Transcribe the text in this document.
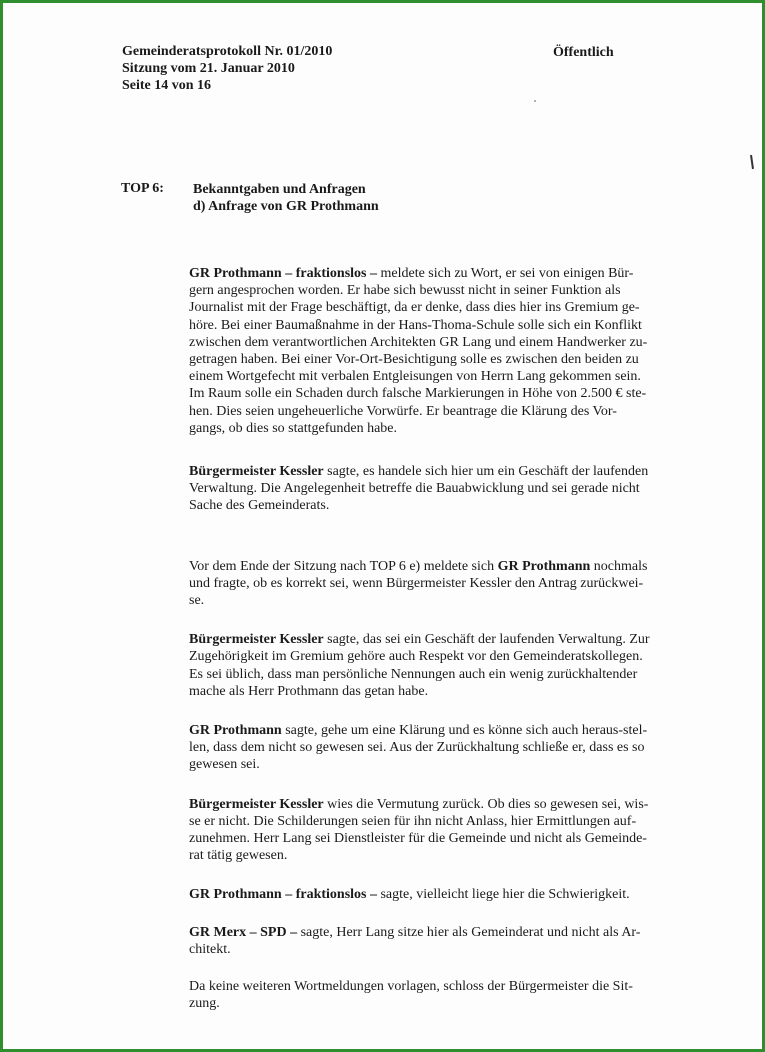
Gemeinderatsprotokoll Nr. 01/2010
Sitzung vom 21. Januar 2010
Seite 14 von 16
Öffentlich
TOP 6: Bekanntgaben und Anfragen
d) Anfrage von GR Prothmann

GR Prothmann – fraktionslos – meldete sich zu Wort, er sei von einigen Bür-
gern angesprochen worden. Er habe sich bewusst nicht in seiner Funktion als
Journalist mit der Frage beschäftigt, da er denke, dass dies hier ins Gremium ge-
höre. Bei einer Baumaßnahme in der Hans-Thoma-Schule solle sich ein Konflikt
zwischen dem verantwortlichen Architekten GR Lang und einem Handwerker zu-
getragen haben. Bei einer Vor-Ort-Besichtigung solle es zwischen den beiden zu
einem Wortgefecht mit verbalen Entgleisungen von Herrn Lang gekommen sein.
Im Raum solle ein Schaden durch falsche Markierungen in Höhe von 2.500 € ste-
hen. Dies seien ungeheuerliche Vorwürfe. Er beantrage die Klärung des Vor-
gangs, ob dies so stattgefunden habe.

Bürgermeister Kessler sagte, es handele sich hier um ein Geschäft der laufenden
Verwaltung. Die Angelegenheit betreffe die Bauabwicklung und sei gerade nicht
Sache des Gemeinderats.

Vor dem Ende der Sitzung nach TOP 6 e) meldete sich GR Prothmann nochmals
und fragte, ob es korrekt sei, wenn Bürgermeister Kessler den Antrag zurückwei-
se.

Bürgermeister Kessler sagte, das sei ein Geschäft der laufenden Verwaltung. Zur
Zugehörigkeit im Gremium gehöre auch Respekt vor den Gemeinderatskollegen.
Es sei üblich, dass man persönliche Nennungen auch ein wenig zurückhaltender
mache als Herr Prothmann das getan habe.

GR Prothmann sagte, gehe um eine Klärung und es könne sich auch heraus-stel-
len, dass dem nicht so gewesen sei. Aus der Zurückhaltung schließe er, dass es so
gewesen sei.

Bürgermeister Kessler wies die Vermutung zurück. Ob dies so gewesen sei, wis-
se er nicht. Die Schilderungen seien für ihn nicht Anlass, hier Ermittlungen auf-
zunehmen. Herr Lang sei Dienstleister für die Gemeinde und nicht als Gemeinde-
rat tätig gewesen.

GR Prothmann – fraktionslos – sagte, vielleicht liege hier die Schwierigkeit.

GR Merx – SPD – sagte, Herr Lang sitze hier als Gemeinderat und nicht als Ar-
chitekt.

Da keine weiteren Wortmeldungen vorlagen, schloss der Bürgermeister die Sit-
zung.
